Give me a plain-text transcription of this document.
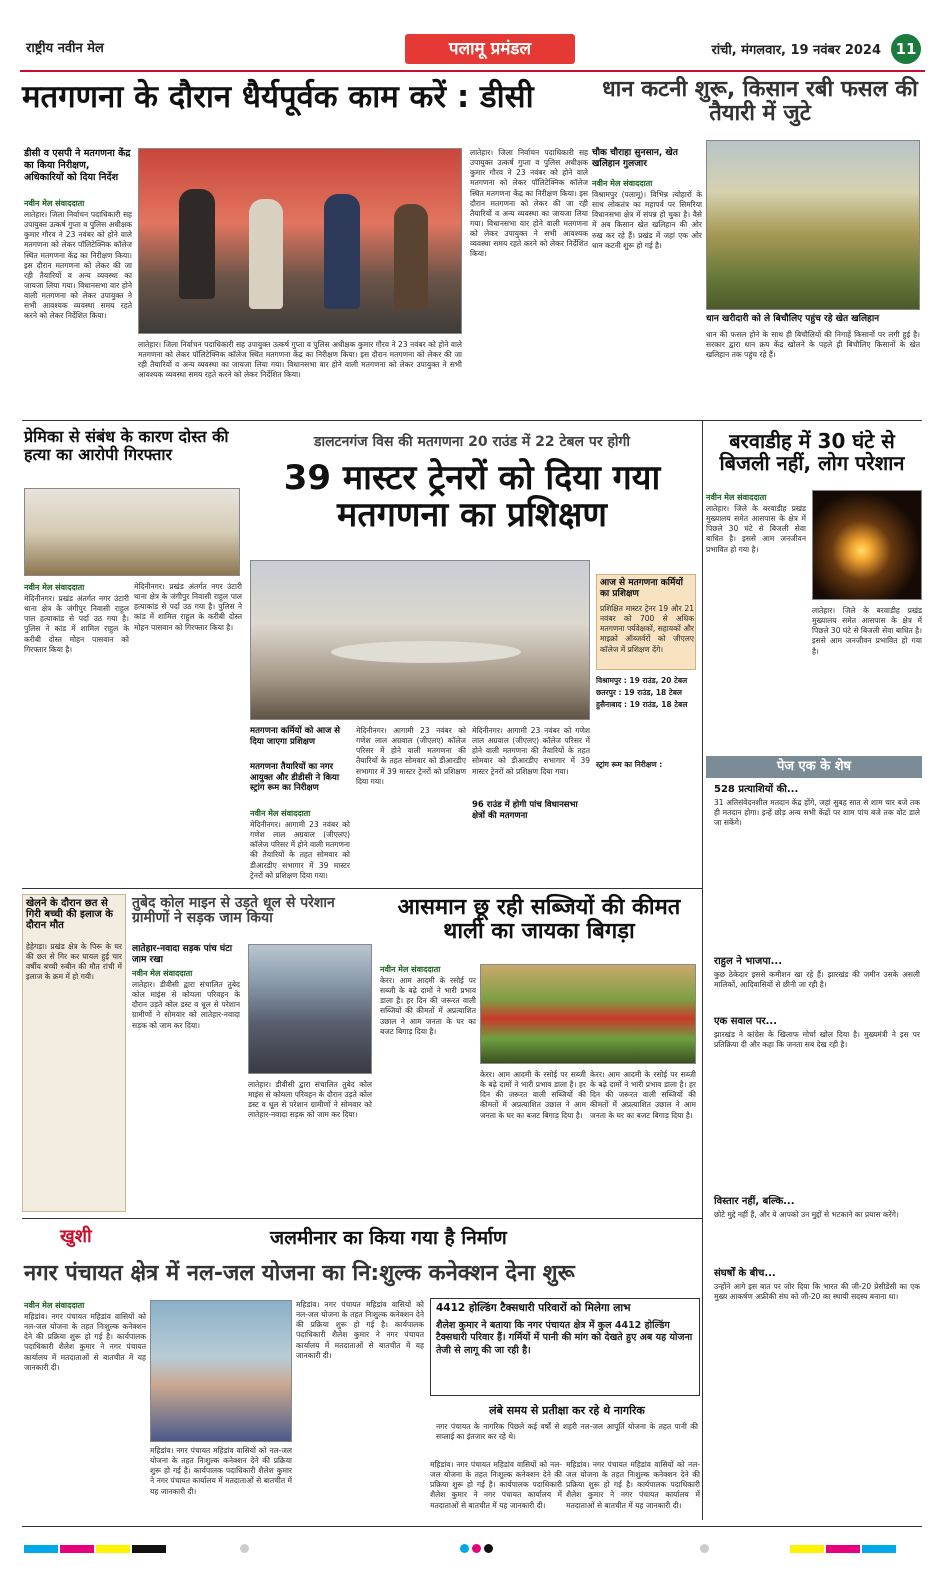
राष्ट्रीय नवीन मेल	पलामू प्रमंडल	रांची, मंगलवार, 19 नवंबर 2024 11
मतगणना के दौरान धैर्यपूर्वक काम करें : डीसी
डीसी व एसपी ने मतगणना केंद्र का किया निरीक्षण, अधिकारियों को दिया निर्देश
नवीन मेल संवाददाता
लातेहार। जिला निर्वाचन पदाधिकारी सह उपायुक्त उत्कर्ष गुप्ता व पुलिस अधीक्षक कुमार गौरव ने 23 नवंबर को होने वाले मतगणना को लेकर पॉलिटेक्निक कॉलेज स्थित मतगणना केंद्र का निरीक्षण किया। इस दौरान मतगणना को लेकर की जा रही तैयारियों व अन्य व्यवस्था का जायजा लिया गया। विधानसभा वार होने वाली मतगणना को लेकर उपायुक्त ने सभी आवश्यक व्यवस्था समय रहते करने को लेकर निर्देशित किया।
लातेहार। जिला निर्वाचन पदाधिकारी सह उपायुक्त उत्कर्ष गुप्ता व पुलिस अधीक्षक कुमार गौरव ने 23 नवंबर को होने वाले मतगणना को लेकर पॉलिटेक्निक कॉलेज स्थित मतगणना केंद्र का निरीक्षण किया। इस दौरान मतगणना को लेकर की जा रही तैयारियों व अन्य व्यवस्था का जायजा लिया गया। विधानसभा वार होने वाली मतगणना को लेकर उपायुक्त ने सभी आवश्यक व्यवस्था समय रहते करने को लेकर निर्देशित किया।
लातेहार। जिला निर्वाचन पदाधिकारी सह उपायुक्त उत्कर्ष गुप्ता व पुलिस अधीक्षक कुमार गौरव ने 23 नवंबर को होने वाले मतगणना को लेकर पॉलिटेक्निक कॉलेज स्थित मतगणना केंद्र का निरीक्षण किया। इस दौरान मतगणना को लेकर की जा रही तैयारियों व अन्य व्यवस्था का जायजा लिया गया। विधानसभा वार होने वाली मतगणना को लेकर उपायुक्त ने सभी आवश्यक व्यवस्था समय रहते करने को लेकर निर्देशित किया।
धान कटनी शुरू, किसान रबी फसल की तैयारी में जुटे
चौक चौराहा सुनसान, खेत खलिहान गुलजार
नवीन मेल संवाददाता
विश्रामपुर (पलामू)। विभिन्न त्योहारों के साथ लोकतंत्र का महापर्व पर सिमरिया विधानसभा क्षेत्र में संपन्न हो चुका है। वैसे में अब किसान खेत खलिहान की ओर रुख कर रहे हैं। प्रखंड में जहां एक ओर धान कटनी शुरू हो गई है।
धान खरीदारी को ले बिचौलिए पहुंच रहे खेत खलिहान
धान की फसल होने के साथ ही बिचौलियों की निगाहें किसानों पर लगी हुई है। सरकार द्वारा धान क्रय केंद्र खोलने के पहले ही बिचौलिए किसानों के खेत खलिहान तक पहुंच रहे हैं।
प्रेमिका से संबंध के कारण दोस्त की हत्या का आरोपी गिरफ्तार
नवीन मेल संवाददाता
मेदिनीनगर। प्रखंड अंतर्गत नगर उंटारी थाना क्षेत्र के जंगीपुर निवासी राहुल पाल हत्याकांड से पर्दा उठ गया है। पुलिस ने कांड में शामिल राहुल के करीबी दोस्त मोहन पासवान को गिरफ्तार किया है।
मेदिनीनगर। प्रखंड अंतर्गत नगर उंटारी थाना क्षेत्र के जंगीपुर निवासी राहुल पाल हत्याकांड से पर्दा उठ गया है। पुलिस ने कांड में शामिल राहुल के करीबी दोस्त मोहन पासवान को गिरफ्तार किया है।
डालटनगंज विस की मतगणना 20 राउंड में 22 टेबल पर होगी
39 मास्टर ट्रेनरों को दिया गया मतगणना का प्रशिक्षण
आज से मतगणना कर्मियों का प्रशिक्षण
प्रशिक्षित मास्टर ट्रेनर 19 और 21 नवंबर को 700 से अधिक मतगणना पर्यवेक्षकों, सहायकों और माइक्रो ऑब्जर्वरों को जीएलए कॉलेज में प्रशिक्षण देंगे।
विश्रामपुर : 19 राउंड, 20 टेबल
छतरपुर : 19 राउंड, 18 टेबल
हुसैनाबाद : 19 राउंड, 18 टेबल
स्ट्रांग रूम का निरीक्षण :
मतगणना कर्मियों को आज से दिया जाएगा प्रशिक्षण
मतगणना तैयारियों का नगर आयुक्त और डीडीसी ने किया स्ट्रांग रूम का निरीक्षण
नवीन मेल संवाददाता
मेदिनीनगर। आगामी 23 नवंबर को गणेश लाल अग्रवाल (जीएलए) कॉलेज परिसर में होने वाली मतगणना की तैयारियों के तहत सोमवार को डीआरडीए सभागार में 39 मास्टर ट्रेनरों को प्रशिक्षण दिया गया।
मेदिनीनगर। आगामी 23 नवंबर को गणेश लाल अग्रवाल (जीएलए) कॉलेज परिसर में होने वाली मतगणना की तैयारियों के तहत सोमवार को डीआरडीए सभागार में 39 मास्टर ट्रेनरों को प्रशिक्षण दिया गया।
96 राउंड में होगी पांच विधानसभा क्षेत्रों की मतगणना
मेदिनीनगर। आगामी 23 नवंबर को गणेश लाल अग्रवाल (जीएलए) कॉलेज परिसर में होने वाली मतगणना की तैयारियों के तहत सोमवार को डीआरडीए सभागार में 39 मास्टर ट्रेनरों को प्रशिक्षण दिया गया।
बरवाडीह में 30 घंटे से बिजली नहीं, लोग परेशान
नवीन मेल संवाददाता
लातेहार। जिले के बरवाडीह प्रखंड मुख्यालय समेत आसपास के क्षेत्र में पिछले 30 घंटे से बिजली सेवा बाधित है। इससे आम जनजीवन प्रभावित हो गया है।
लातेहार। जिले के बरवाडीह प्रखंड मुख्यालय समेत आसपास के क्षेत्र में पिछले 30 घंटे से बिजली सेवा बाधित है। इससे आम जनजीवन प्रभावित हो गया है।
पेज एक के शेष
528 प्रत्याशियों की...
31 अतिसंवेदनशील मतदान केंद्र होंगे, जहां सुबह सात से शाम चार बजे तक ही मतदान होगा। इन्हें छोड़ अन्य सभी केंद्रों पर शाम पांच बजे तक वोट डाले जा सकेंगे।
राहुल ने भाजपा...
कुछ ठेकेदार इससे कमीशन खा रहे हैं। झारखंड की जमीन उसके असली मालिकों, आदिवासियों से छीनी जा रही है।
एक सवाल पर...
झारखंड ने कांग्रेस के खिलाफ मोर्चा खोल दिया है। मुख्यमंत्री ने इस पर प्रतिक्रिया दी और कहा कि जनता सब देख रही है।
विस्तार नहीं, बल्कि...
छोटे मुद्दे नहीं हैं, और ये आपको उन मुद्दों से भटकाने का प्रयास करेंगे।
संघर्षों के बीच...
उन्होंने आगे इस बात पर जोर दिया कि भारत की जी-20 प्रेसीडेंसी का एक मुख्य आकर्षण अफ्रीकी संघ को जी-20 का स्थायी सदस्य बनाना था।
खेलने के दौरान छत से गिरी बच्ची की इलाज के दौरान मौत
हेहेगड़ा। प्रखंड क्षेत्र के पिरू के घर की छत से गिर कर घायल हुई चार वर्षीय बच्ची रुबीन की मौत रांची में इलाज के क्रम में हो गयी।
तुबेद कोल माइन से उड़ते धूल से परेशान ग्रामीणों ने सड़क जाम किया
लातेहार-नवादा सड़क पांच घंटा जाम रखा
नवीन मेल संवाददाता
लातेहार। डीवीसी द्वारा संचालित तुबेद कोल माइंस से कोयला परिवहन के दौरान उड़ते कोल डस्ट व धूल से परेशान ग्रामीणों ने सोमवार को लातेहार-नवादा सड़क को जाम कर दिया।
लातेहार। डीवीसी द्वारा संचालित तुबेद कोल माइंस से कोयला परिवहन के दौरान उड़ते कोल डस्ट व धूल से परेशान ग्रामीणों ने सोमवार को लातेहार-नवादा सड़क को जाम कर दिया।
आसमान छू रही सब्जियों की कीमत थाली का जायका बिगड़ा
नवीन मेल संवाददाता
केरर। आम आदमी के रसोई पर सब्जी के बढ़े दामों ने भारी प्रभाव डाला है। हर दिन की जरूरत वाली सब्जियों की कीमतों में अप्रत्याशित उछाल ने आम जनता के घर का बजट बिगाड़ दिया है।
केरर। आम आदमी के रसोई पर सब्जी के बढ़े दामों ने भारी प्रभाव डाला है। हर दिन की जरूरत वाली सब्जियों की कीमतों में अप्रत्याशित उछाल ने आम जनता के घर का बजट बिगाड़ दिया है।
केरर। आम आदमी के रसोई पर सब्जी के बढ़े दामों ने भारी प्रभाव डाला है। हर दिन की जरूरत वाली सब्जियों की कीमतों में अप्रत्याशित उछाल ने आम जनता के घर का बजट बिगाड़ दिया है।
खुशी	जलमीनार का किया गया है निर्माण
नगर पंचायत क्षेत्र में नल-जल योजना का नि:शुल्क कनेक्शन देना शुरू
नवीन मेल संवाददाता
महिडांव। नगर पंचायत महिडांव वासियों को नल-जल योजना के तहत निःशुल्क कनेक्शन देने की प्रक्रिया शुरू हो गई है। कार्यपालक पदाधिकारी शैलेश कुमार ने नगर पंचायत कार्यालय में मतदाताओं से बातचीत में यह जानकारी दी।
महिडांव। नगर पंचायत महिडांव वासियों को नल-जल योजना के तहत निःशुल्क कनेक्शन देने की प्रक्रिया शुरू हो गई है। कार्यपालक पदाधिकारी शैलेश कुमार ने नगर पंचायत कार्यालय में मतदाताओं से बातचीत में यह जानकारी दी।
महिडांव। नगर पंचायत महिडांव वासियों को नल-जल योजना के तहत निःशुल्क कनेक्शन देने की प्रक्रिया शुरू हो गई है। कार्यपालक पदाधिकारी शैलेश कुमार ने नगर पंचायत कार्यालय में मतदाताओं से बातचीत में यह जानकारी दी।
4412 होल्डिंग टैक्सधारी परिवारों को मिलेगा लाभ
शैलेश कुमार ने बताया कि नगर पंचायत क्षेत्र में कुल 4412 होल्डिंग टैक्सधारी परिवार हैं। गर्मियों में पानी की मांग को देखते हुए अब यह योजना तेजी से लागू की जा रही है।
लंबे समय से प्रतीक्षा कर रहे थे नागरिक
नगर पंचायत के नागरिक पिछले कई वर्षों से शहरी नल-जल आपूर्ति योजना के तहत पानी की सप्लाई का इंतजार कर रहे थे।
महिडांव। नगर पंचायत महिडांव वासियों को नल-जल योजना के तहत निःशुल्क कनेक्शन देने की प्रक्रिया शुरू हो गई है। कार्यपालक पदाधिकारी शैलेश कुमार ने नगर पंचायत कार्यालय में मतदाताओं से बातचीत में यह जानकारी दी।
महिडांव। नगर पंचायत महिडांव वासियों को नल-जल योजना के तहत निःशुल्क कनेक्शन देने की प्रक्रिया शुरू हो गई है। कार्यपालक पदाधिकारी शैलेश कुमार ने नगर पंचायत कार्यालय में मतदाताओं से बातचीत में यह जानकारी दी।
